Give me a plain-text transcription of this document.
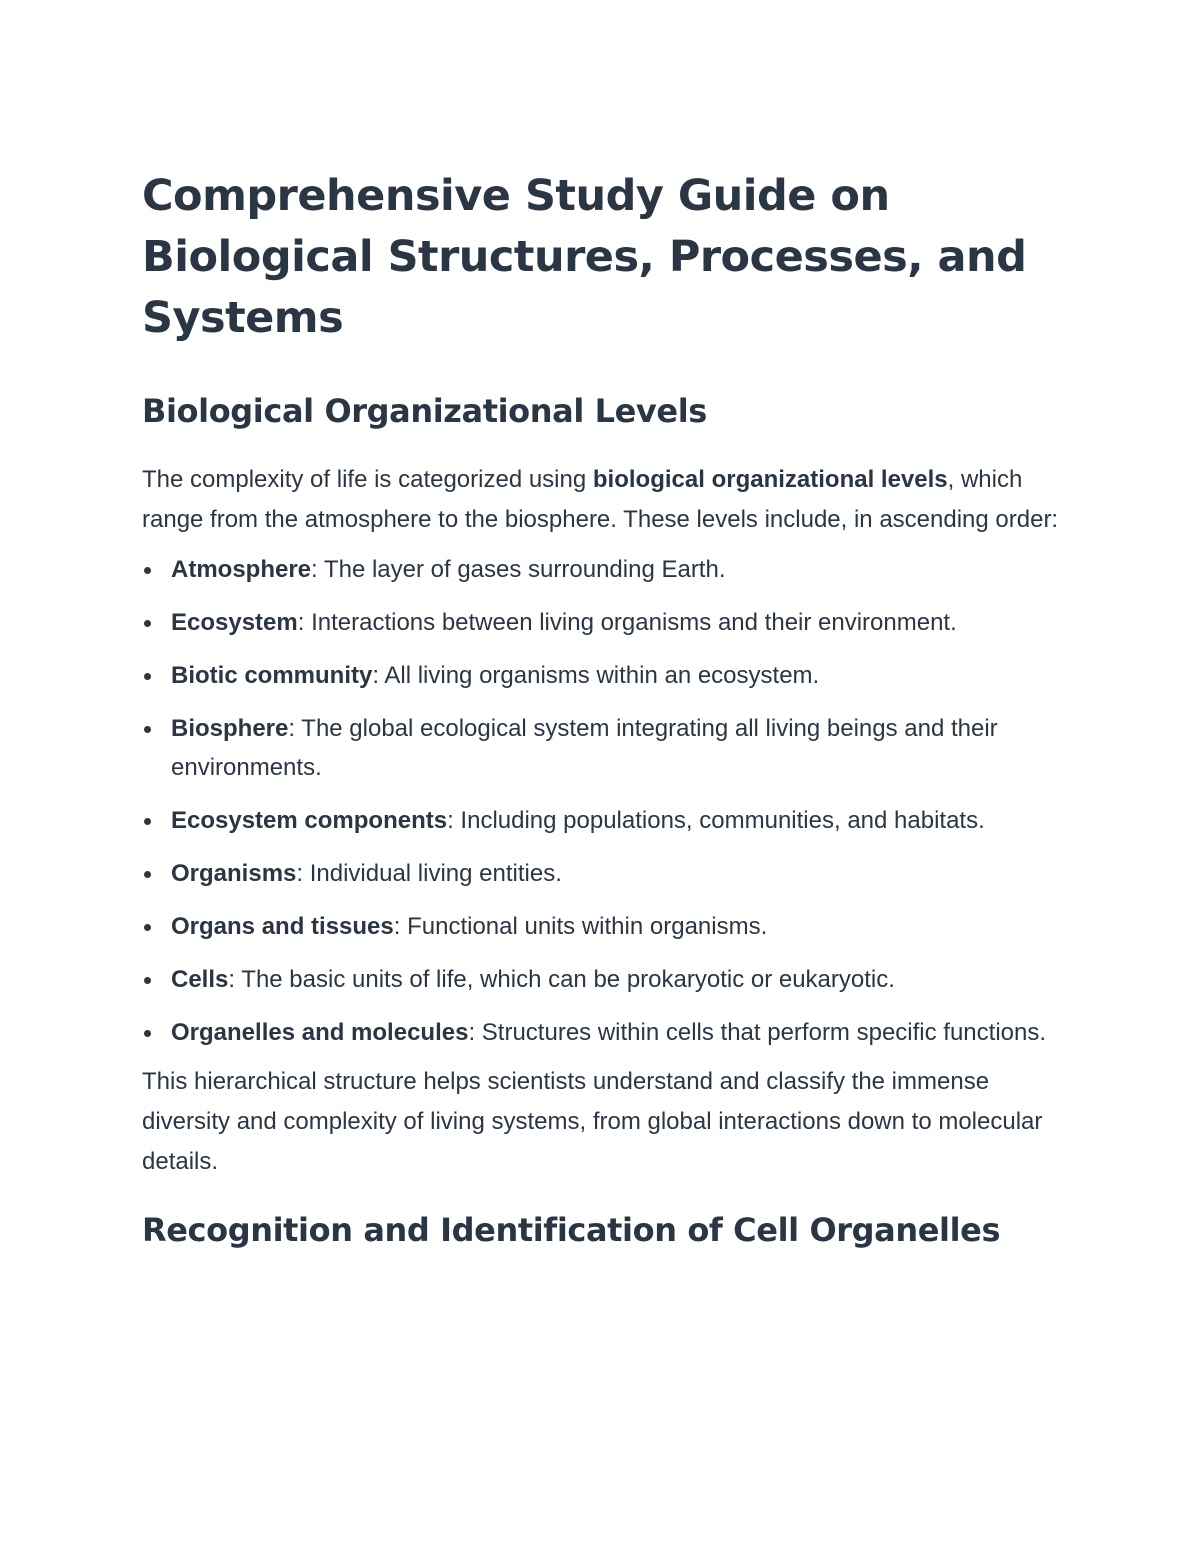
Comprehensive Study Guide on Biological Structures, Processes, and Systems
Biological Organizational Levels

The complexity of life is categorized using biological organizational levels, which range from the atmosphere to the biosphere. These levels include, in ascending order:

Atmosphere: The layer of gases surrounding Earth.
Ecosystem: Interactions between living organisms and their environment.
Biotic community: All living organisms within an ecosystem.
Biosphere: The global ecological system integrating all living beings and their environments.
Ecosystem components: Including populations, communities, and habitats.
Organisms: Individual living entities.
Organs and tissues: Functional units within organisms.
Cells: The basic units of life, which can be prokaryotic or eukaryotic.
Organelles and molecules: Structures within cells that perform specific functions.

This hierarchical structure helps scientists understand and classify the immense diversity and complexity of living systems, from global interactions down to molecular details.

Recognition and Identification of Cell Organelles
